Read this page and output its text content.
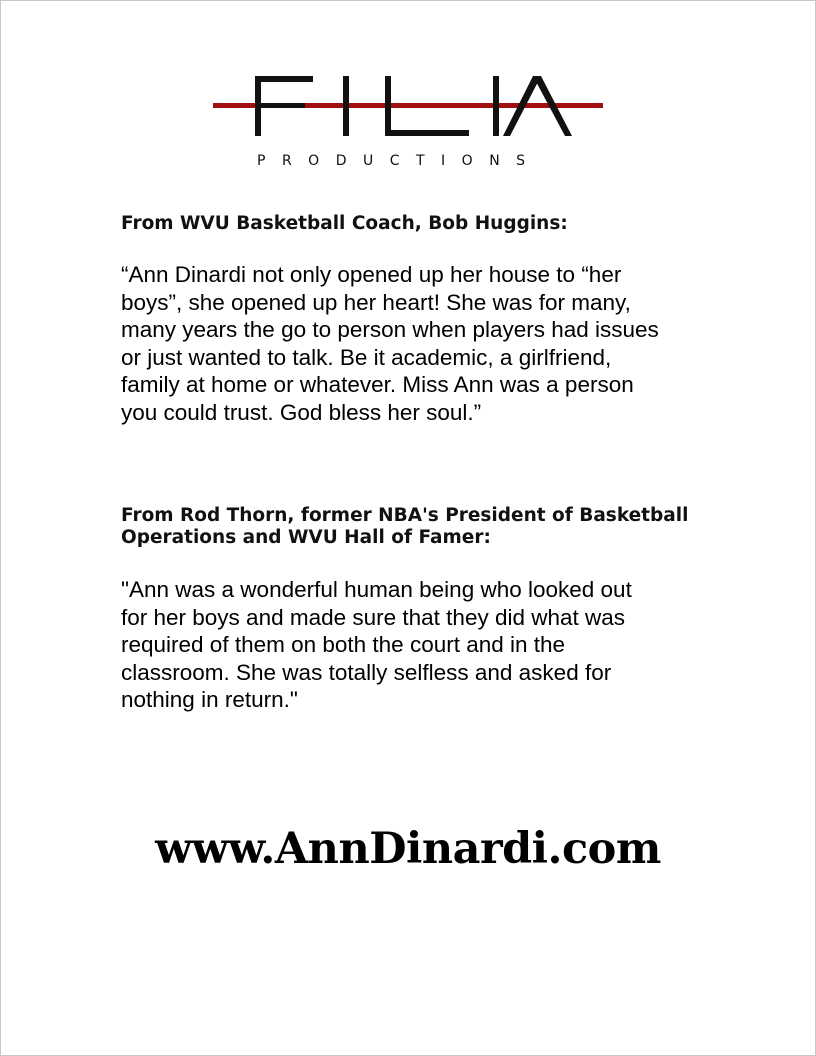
FILIA
PRODUCTIONS
From WVU Basketball Coach, Bob Huggins:

“Ann Dinardi not only opened up her house to “her
boys”, she opened up her heart! She was for many,
many years the go to person when players had issues
or just wanted to talk. Be it academic, a girlfriend,
family at home or whatever. Miss Ann was a person
you could trust. God bless her soul.”

From Rod Thorn, former NBA's President of Basketball Operations and WVU Hall of Famer:

"Ann was a wonderful human being who looked out
for her boys and made sure that they did what was
required of them on both the court and in the
classroom. She was totally selfless and asked for
nothing in return."

www.AnnDinardi.com
